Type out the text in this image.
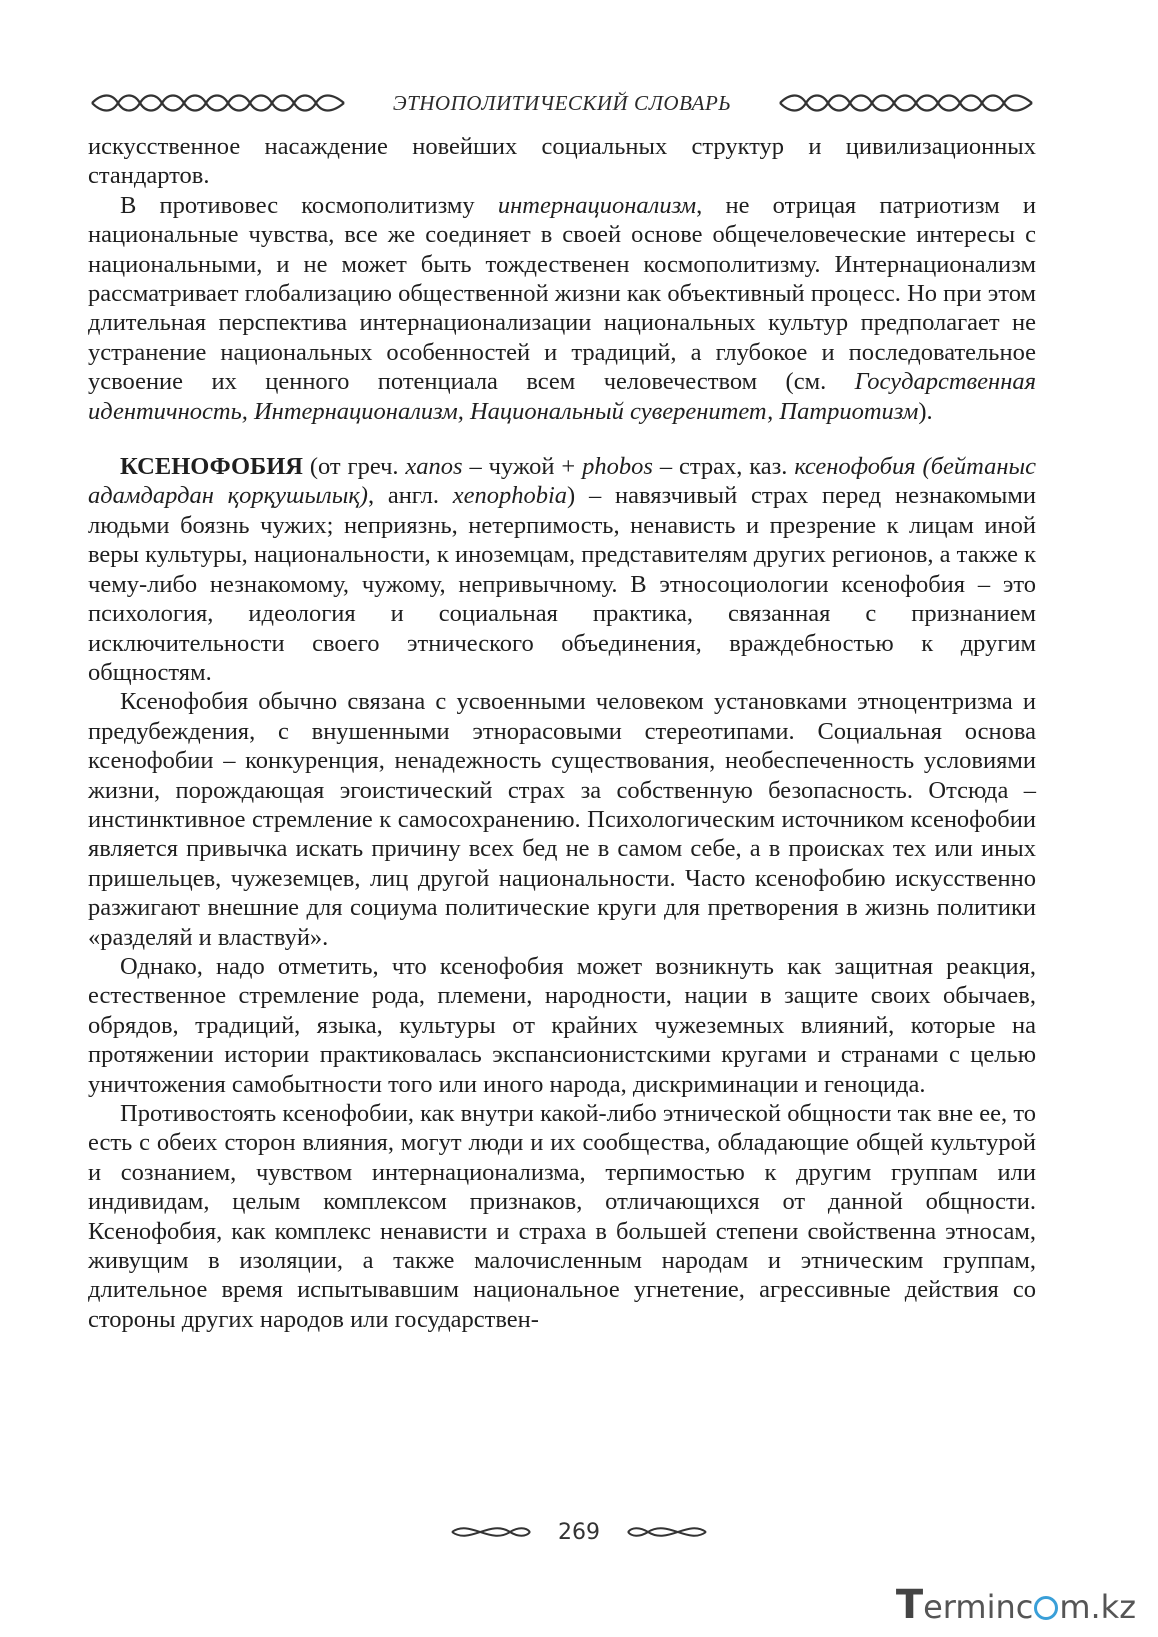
ЭТНОПОЛИТИЧЕСКИЙ СЛОВАРЬ

искусственное насаждение новейших социальных структур и цивилизационных стандартов.

В противовес космополитизму интернационализм, не отрицая патриотизм и национальные чувства, все же соединяет в своей основе общечеловеческие интересы с национальными, и не может быть тождественен космополитизму. Интернационализм рассматривает глобализацию общественной жизни как объективный процесс. Но при этом длительная перспектива интернационализации национальных культур предполагает не устранение национальных особенностей и традиций, а глубокое и последовательное усвоение их ценного потенциала всем человечеством (см. Государственная идентичность, Интернационализм, Национальный суверенитет, Патриотизм).

КСЕНОФОБИЯ (от греч. xanos – чужой + phobos – страх, каз. ксенофобия (бейтаныс адамдардан қорқушылық), англ. xenophobia) – навязчивый страх перед незнакомыми людьми боязнь чужих; неприязнь, нетерпимость, ненависть и презрение к лицам иной веры культуры, национальности, к иноземцам, представителям других регионов, а также к чему-либо незнакомому, чужому, непривычному. В этносоциологии ксенофобия – это психология, идеология и социальная практика, связанная с признанием исключительности своего этнического объединения, враждебностью к другим общностям.

Ксенофобия обычно связана с усвоенными человеком установками этноцентризма и предубеждения, с внушенными этнорасовыми стереотипами. Социальная основа ксенофобии – конкуренция, ненадежность существования, необеспеченность условиями жизни, порождающая эгоистический страх за собственную безопасность. Отсюда – инстинктивное стремление к самосохранению. Психологическим источником ксенофобии является привычка искать причину всех бед не в самом себе, а в происках тех или иных пришельцев, чужеземцев, лиц другой национальности. Часто ксенофобию искусственно разжигают внешние для социума политические круги для претворения в жизнь политики «разделяй и властвуй».

Однако, надо отметить, что ксенофобия может возникнуть как защитная реакция, естественное стремление рода, племени, народности, нации в защите своих обычаев, обрядов, традиций, языка, культуры от крайних чужеземных влияний, которые на протяжении истории практиковалась экспансионистскими кругами и странами с целью уничтожения самобытности того или иного народа, дискриминации и геноцида.

Противостоять ксенофобии, как внутри какой-либо этнической общности так вне ее, то есть с обеих сторон влияния, могут люди и их сообщества, обладающие общей культурой и сознанием, чувством интернационализма, терпимостью к другим группам или индивидам, целым комплексом признаков, отличающихся от данной общности. Ксенофобия, как комплекс ненависти и страха в большей степени свойственна этносам, живущим в изоляции, а также малочисленным народам и этническим группам, длительное время испытывавшим национальное угнетение, агрессивные действия со стороны других народов или государствен-

269
T erminc m.kz
